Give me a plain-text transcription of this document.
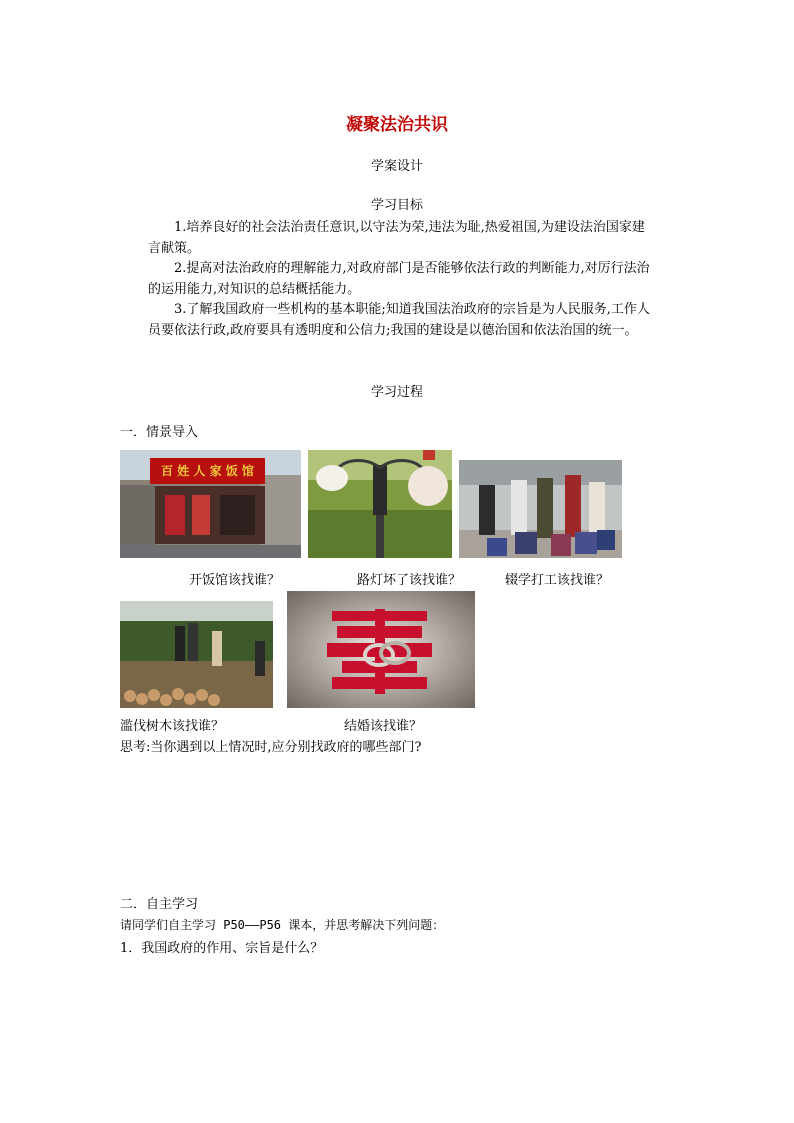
凝聚法治共识
学案设计
学习目标
1.培养良好的社会法治责任意识,以守法为荣,违法为耻,热爱祖国,为建设法治国家建言献策。
2.提高对法治政府的理解能力,对政府部门是否能够依法行政的判断能力,对厉行法治的运用能力,对知识的总结概括能力。
3.了解我国政府一些机构的基本职能;知道我国法治政府的宗旨是为人民服务,工作人员要依法行政,政府要具有透明度和公信力;我国的建设是以德治国和依法治国的统一。
学习过程
一．情景导入
百 姓 人 家 饭 馆
开饭馆该找谁？	路灯坏了该找谁？	辍学打工该找谁？
滥伐树木该找谁？	结婚该找谁？
思考:当你遇到以上情况时,应分别找政府的哪些部门?
二．自主学习
请同学们自主学习 P50——P56 课本，并思考解决下列问题：
1．我国政府的作用、宗旨是什么？
